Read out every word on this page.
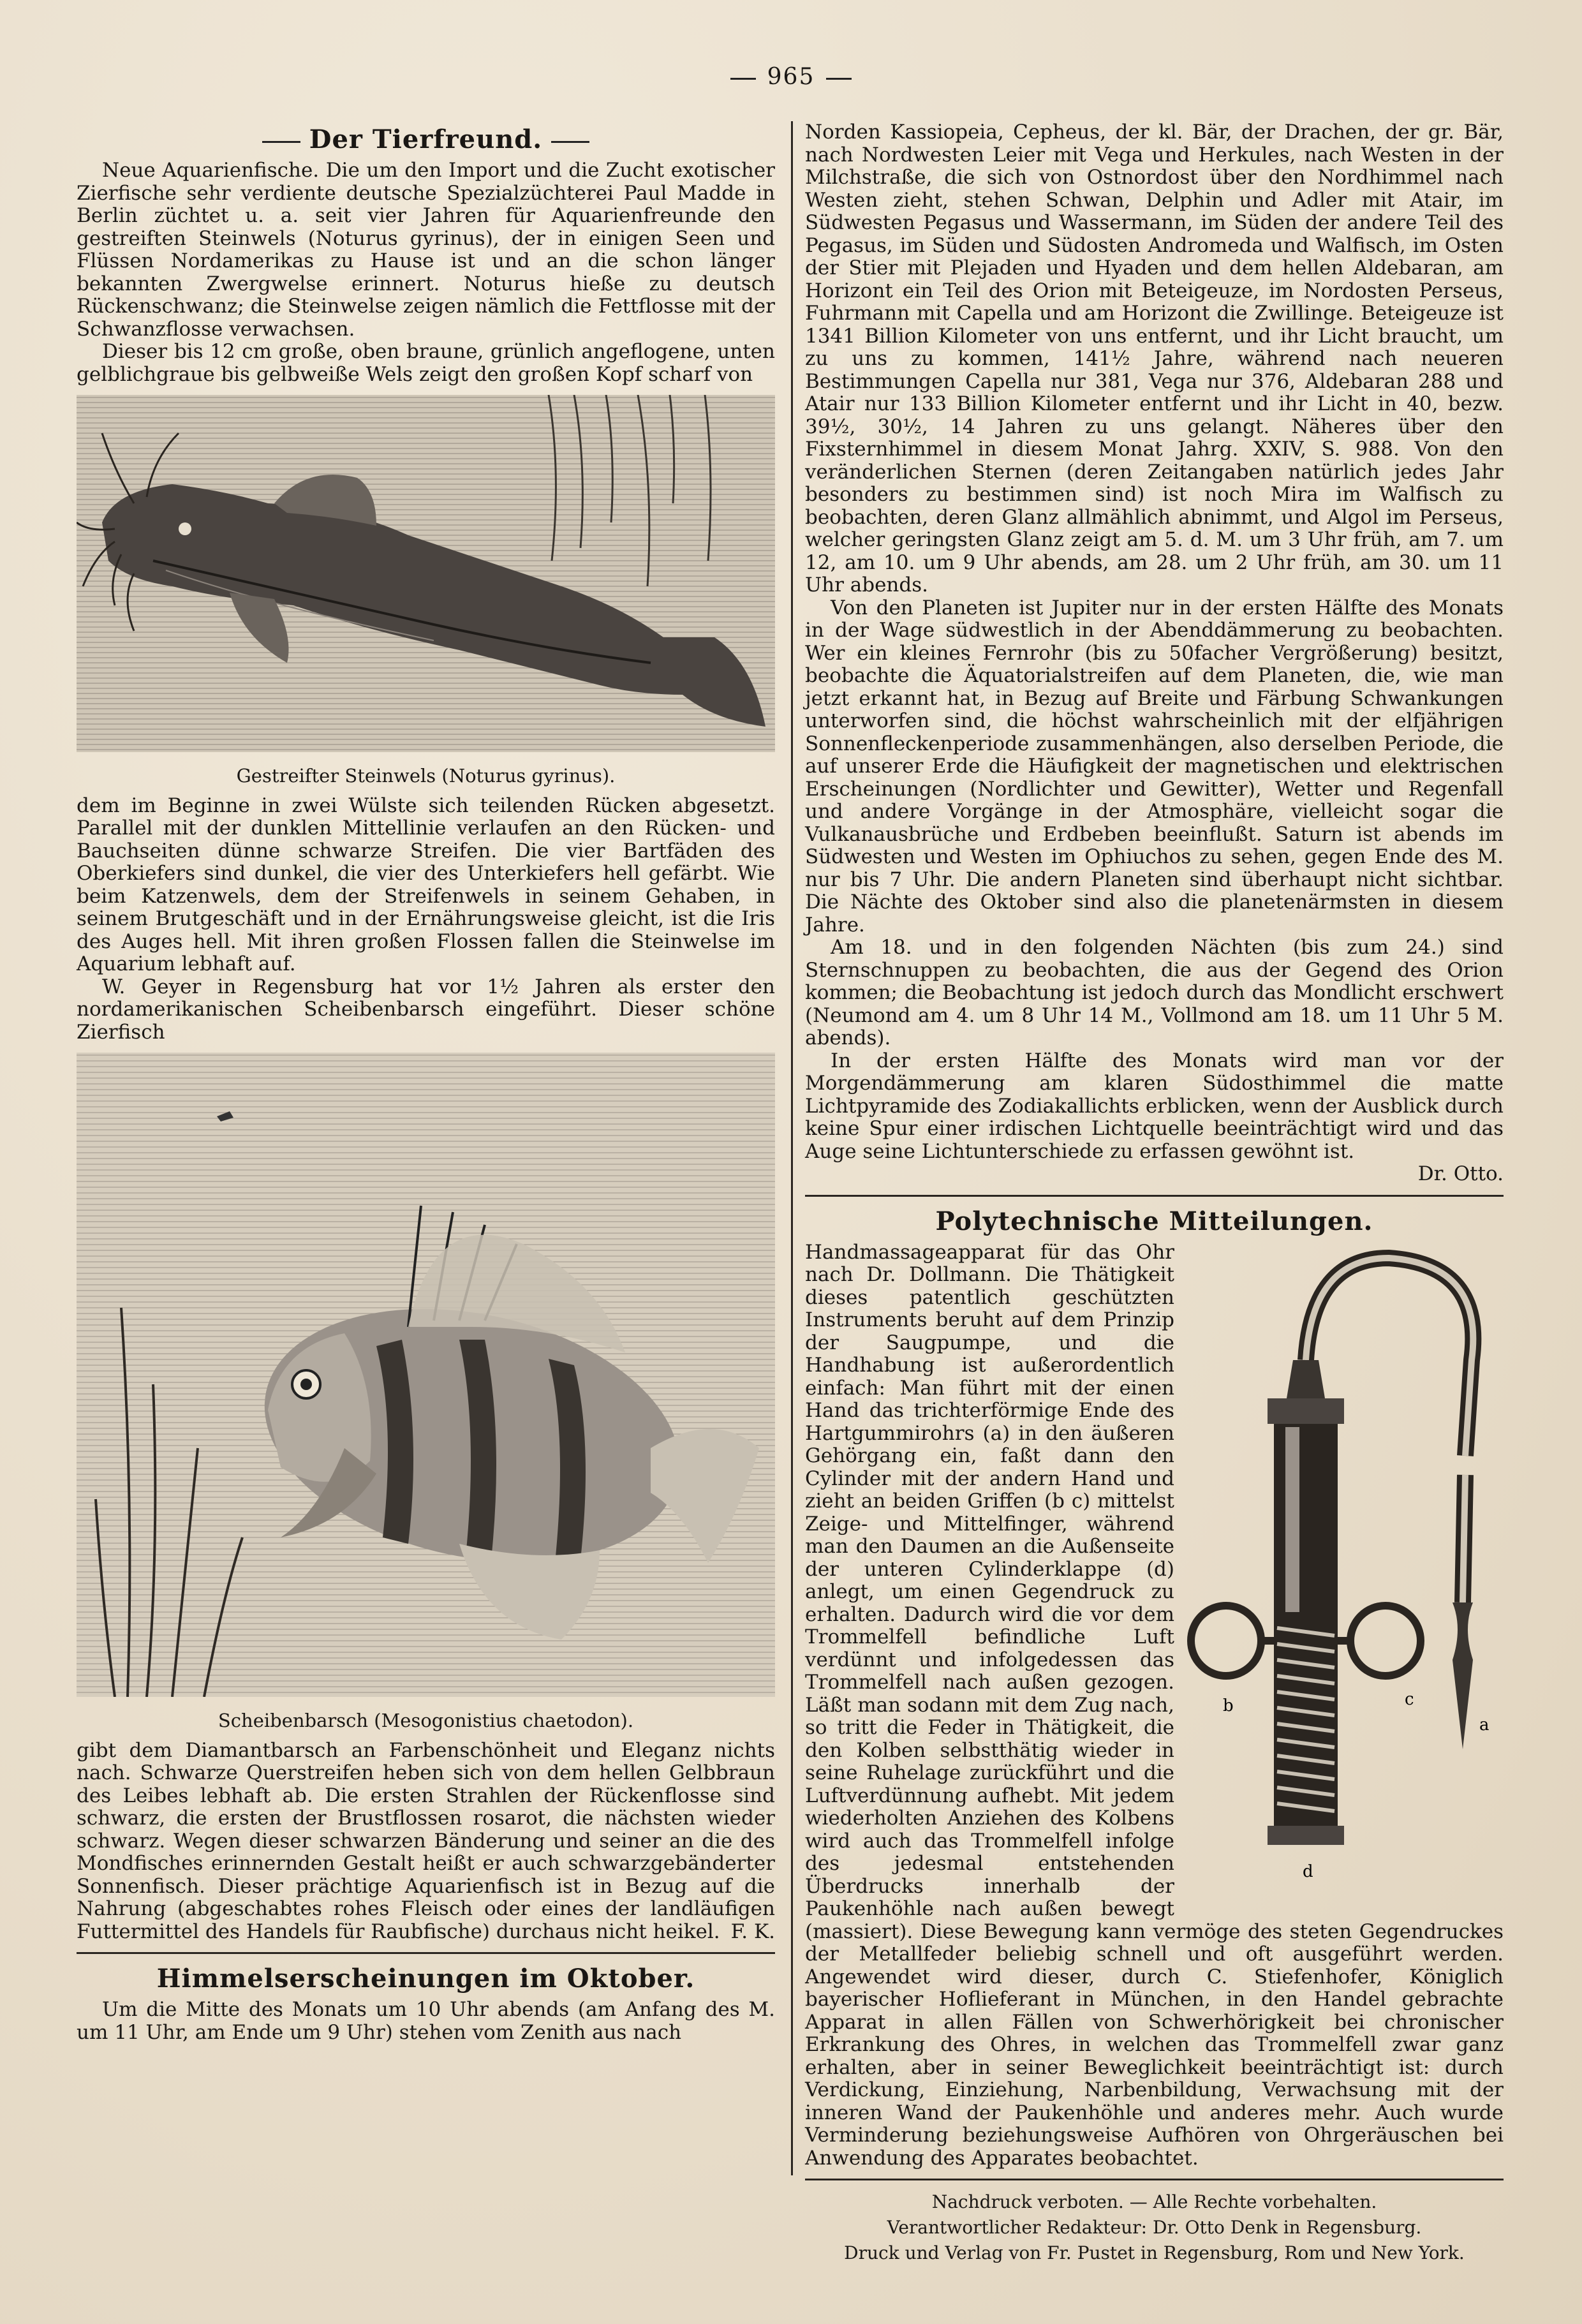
965
Der Tierfreund.

Neue Aquarienfische. Die um den Import und die Zucht exotischer Zierfische sehr verdiente deutsche Spezialzüchterei Paul Madde in Berlin züchtet u. a. seit vier Jahren für Aquarienfreunde den gestreiften Steinwels (Noturus gyrinus), der in einigen Seen und Flüssen Nordamerikas zu Hause ist und an die schon länger bekannten Zwergwelse erinnert. Noturus hieße zu deutsch Rückenschwanz; die Steinwelse zeigen nämlich die Fettflosse mit der Schwanzflosse verwachsen.

Dieser bis 12 cm große, oben braune, grünlich angeflogene, unten gelblichgraue bis gelbweiße Wels zeigt den großen Kopf scharf von

Gestreifter Steinwels (Noturus gyrinus).

dem im Beginne in zwei Wülste sich teilenden Rücken abgesetzt. Parallel mit der dunklen Mittellinie verlaufen an den Rücken- und Bauchseiten dünne schwarze Streifen. Die vier Bartfäden des Oberkiefers sind dunkel, die vier des Unterkiefers hell gefärbt. Wie beim Katzenwels, dem der Streifenwels in seinem Gehaben, in seinem Brutgeschäft und in der Ernährungsweise gleicht, ist die Iris des Auges hell. Mit ihren großen Flossen fallen die Steinwelse im Aquarium lebhaft auf.

W. Geyer in Regensburg hat vor 1½ Jahren als erster den nordamerikanischen Scheibenbarsch eingeführt. Dieser schöne Zierfisch

Scheibenbarsch (Mesogonistius chaetodon).

gibt dem Diamantbarsch an Farbenschönheit und Eleganz nichts nach. Schwarze Querstreifen heben sich von dem hellen Gelbbraun des Leibes lebhaft ab. Die ersten Strahlen der Rückenflosse sind schwarz, die ersten der Brustflossen rosarot, die nächsten wieder schwarz. Wegen dieser schwarzen Bänderung und seiner an die des Mondfisches erinnernden Gestalt heißt er auch schwarzgebänderter Sonnenfisch. Dieser prächtige Aquarienfisch ist in Bezug auf die Nahrung (abgeschabtes rohes Fleisch oder eines der landläufigen Futtermittel des Handels für Raubfische) durchaus nicht heikel. F. K.

Himmelserscheinungen im Oktober.

Um die Mitte des Monats um 10 Uhr abends (am Anfang des M. um 11 Uhr, am Ende um 9 Uhr) stehen vom Zenith aus nach

Norden Kassiopeia, Cepheus, der kl. Bär, der Drachen, der gr. Bär, nach Nordwesten Leier mit Vega und Herkules, nach Westen in der Milchstraße, die sich von Ostnordost über den Nordhimmel nach Westen zieht, stehen Schwan, Delphin und Adler mit Atair, im Südwesten Pegasus und Wassermann, im Süden der andere Teil des Pegasus, im Süden und Südosten Andromeda und Walfisch, im Osten der Stier mit Plejaden und Hyaden und dem hellen Aldebaran, am Horizont ein Teil des Orion mit Beteigeuze, im Nordosten Perseus, Fuhrmann mit Capella und am Horizont die Zwillinge. Beteigeuze ist 1341 Billion Kilometer von uns entfernt, und ihr Licht braucht, um zu uns zu kommen, 141½ Jahre, während nach neueren Bestimmungen Capella nur 381, Vega nur 376, Aldebaran 288 und Atair nur 133 Billion Kilometer entfernt und ihr Licht in 40, bezw. 39½, 30½, 14 Jahren zu uns gelangt. Näheres über den Fixsternhimmel in diesem Monat Jahrg. XXIV, S. 988. Von den veränderlichen Sternen (deren Zeitangaben natürlich jedes Jahr besonders zu bestimmen sind) ist noch Mira im Walfisch zu beobachten, deren Glanz allmählich abnimmt, und Algol im Perseus, welcher geringsten Glanz zeigt am 5. d. M. um 3 Uhr früh, am 7. um 12, am 10. um 9 Uhr abends, am 28. um 2 Uhr früh, am 30. um 11 Uhr abends.

Von den Planeten ist Jupiter nur in der ersten Hälfte des Monats in der Wage südwestlich in der Abenddämmerung zu beobachten. Wer ein kleines Fernrohr (bis zu 50facher Vergrößerung) besitzt, beobachte die Äquatorialstreifen auf dem Planeten, die, wie man jetzt erkannt hat, in Bezug auf Breite und Färbung Schwankungen unterworfen sind, die höchst wahrscheinlich mit der elfjährigen Sonnenfleckenperiode zusammenhängen, also derselben Periode, die auf unserer Erde die Häufigkeit der magnetischen und elektrischen Erscheinungen (Nordlichter und Gewitter), Wetter und Regenfall und andere Vorgänge in der Atmosphäre, vielleicht sogar die Vulkanausbrüche und Erdbeben beeinflußt. Saturn ist abends im Südwesten und Westen im Ophiuchos zu sehen, gegen Ende des M. nur bis 7 Uhr. Die andern Planeten sind überhaupt nicht sichtbar. Die Nächte des Oktober sind also die planetenärmsten in diesem Jahre.

Am 18. und in den folgenden Nächten (bis zum 24.) sind Sternschnuppen zu beobachten, die aus der Gegend des Orion kommen; die Beobachtung ist jedoch durch das Mondlicht erschwert (Neumond am 4. um 8 Uhr 14 M., Vollmond am 18. um 11 Uhr 5 M. abends).

In der ersten Hälfte des Monats wird man vor der Morgendämmerung am klaren Südosthimmel die matte Lichtpyramide des Zodiakallichts erblicken, wenn der Ausblick durch keine Spur einer irdischen Lichtquelle beeinträchtigt wird und das Auge seine Lichtunterschiede zu erfassen gewöhnt ist.

Dr. Otto.
Polytechnische Mitteilungen.
a
b	c
d

Handmassageapparat für das Ohr nach Dr. Dollmann. Die Thätigkeit dieses patentlich geschützten Instruments beruht auf dem Prinzip der Saugpumpe, und die Handhabung ist außerordentlich einfach: Man führt mit der einen Hand das trichterförmige Ende des Hartgummirohrs (a) in den äußeren Gehörgang ein, faßt dann den Cylinder mit der andern Hand und zieht an beiden Griffen (b c) mittelst Zeige- und Mittelfinger, während man den Daumen an die Außenseite der unteren Cylinderklappe (d) anlegt, um einen Gegendruck zu erhalten. Dadurch wird die vor dem Trommelfell befindliche Luft verdünnt und infolgedessen das Trommelfell nach außen gezogen. Läßt man sodann mit dem Zug nach, so tritt die Feder in Thätigkeit, die den Kolben selbstthätig wieder in seine Ruhelage zurückführt und die Luftverdünnung aufhebt. Mit jedem wiederholten Anziehen des Kolbens wird auch das Trommelfell infolge des jedesmal entstehenden Überdrucks innerhalb der Paukenhöhle nach außen bewegt (massiert). Diese Bewegung kann vermöge des steten Gegendruckes der Metallfeder beliebig schnell und oft ausgeführt werden. Angewendet wird dieser, durch C. Stiefenhofer, Königlich bayerischer Hoflieferant in München, in den Handel gebrachte Apparat in allen Fällen von Schwerhörigkeit bei chronischer Erkrankung des Ohres, in welchen das Trommelfell zwar ganz erhalten, aber in seiner Beweglichkeit beeinträchtigt ist: durch Verdickung, Einziehung, Narbenbildung, Verwachsung mit der inneren Wand der Paukenhöhle und anderes mehr. Auch wurde Verminderung beziehungsweise Aufhören von Ohrgeräuschen bei Anwendung des Apparates beobachtet.

Nachdruck verboten. — Alle Rechte vorbehalten.
Verantwortlicher Redakteur: Dr. Otto Denk in Regensburg.
Druck und Verlag von Fr. Pustet in Regensburg, Rom und New York.
